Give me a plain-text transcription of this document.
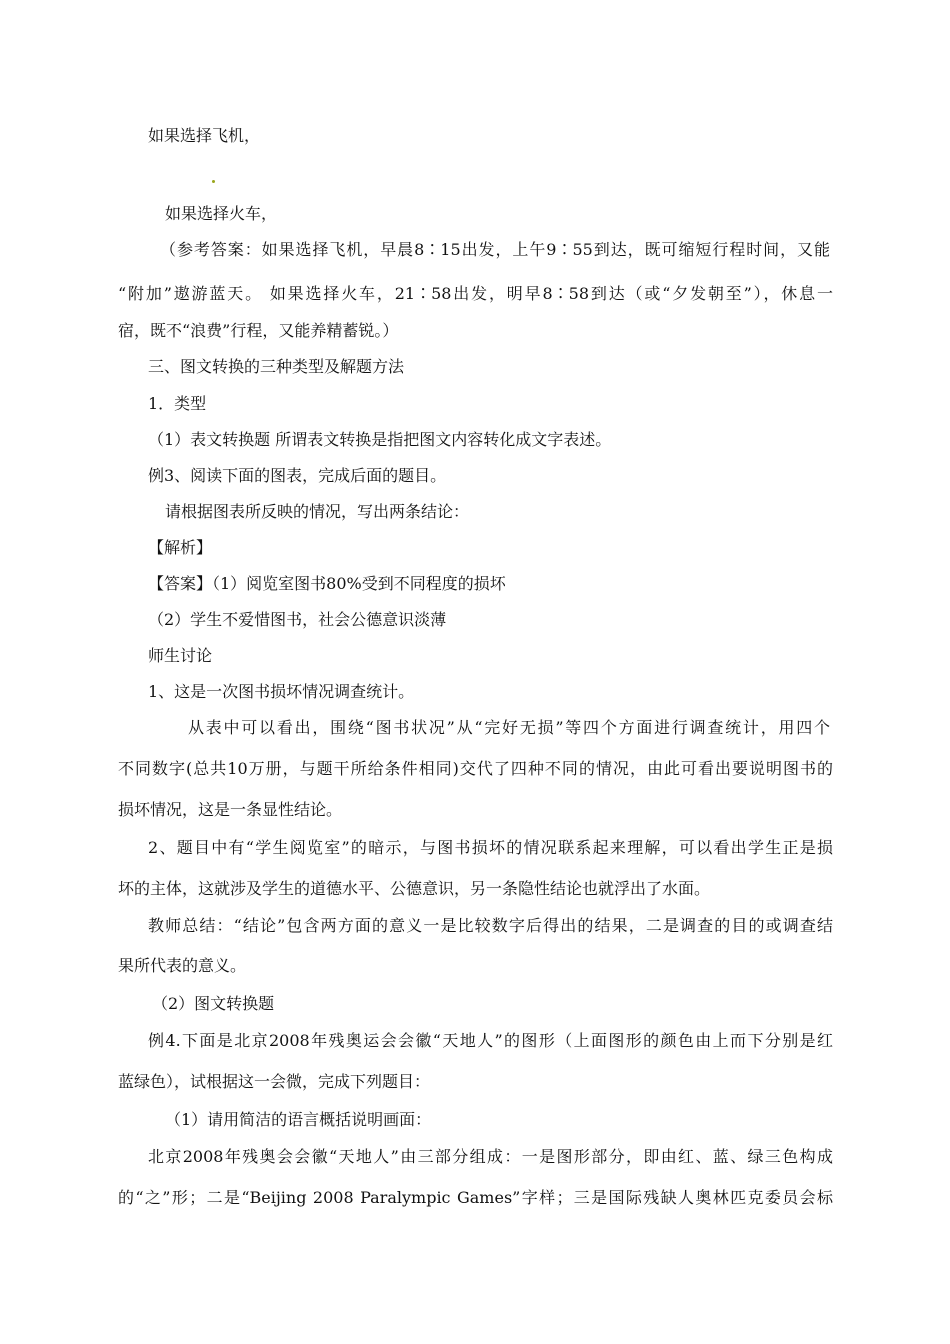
如果选择飞机，
如果选择火车，
（参考答案：如果选择飞机，早晨8∶15出发，上午9∶55到达，既可缩短行程时间，又能
“附加”遨游蓝天。 如果选择火车，21∶58出发，明早8∶58到达（或“夕发朝至”），休息一
宿，既不“浪费”行程，又能养精蓄锐。）
三、图文转换的三种类型及解题方法
1．类型
（1）表文转换题 所谓表文转换是指把图文内容转化成文字表述。
例3、阅读下面的图表，完成后面的题目。
请根据图表所反映的情况，写出两条结论：
【解析】
【答案】（1）阅览室图书80%受到不同程度的损坏
（2）学生不爱惜图书，社会公德意识淡薄
师生讨论
1、这是一次图书损坏情况调查统计。
从表中可以看出，围绕“图书状况”从“完好无损”等四个方面进行调查统计，用四个
不同数字(总共10万册，与题干所给条件相同)交代了四种不同的情况，由此可看出要说明图书的
损坏情况，这是一条显性结论。
2、题目中有“学生阅览室”的暗示，与图书损坏的情况联系起来理解，可以看出学生正是损
坏的主体，这就涉及学生的道德水平、公德意识，另一条隐性结论也就浮出了水面。
教师总结：“结论”包含两方面的意义一是比较数字后得出的结果，二是调查的目的或调查结
果所代表的意义。
（2）图文转换题
例4.下面是北京2008年残奥运会会徽“天地人”的图形（上面图形的颜色由上而下分别是红
蓝绿色），试根据这一会微，完成下列题目：
（1）请用简洁的语言概括说明画面：
北京2008年残奥会会徽“天地人”由三部分组成：一是图形部分，即由红、蓝、绿三色构成
的“之”形；二是“Beijing 2008 Paralympic Games”字样；三是国际残缺人奥林匹克委员会标
